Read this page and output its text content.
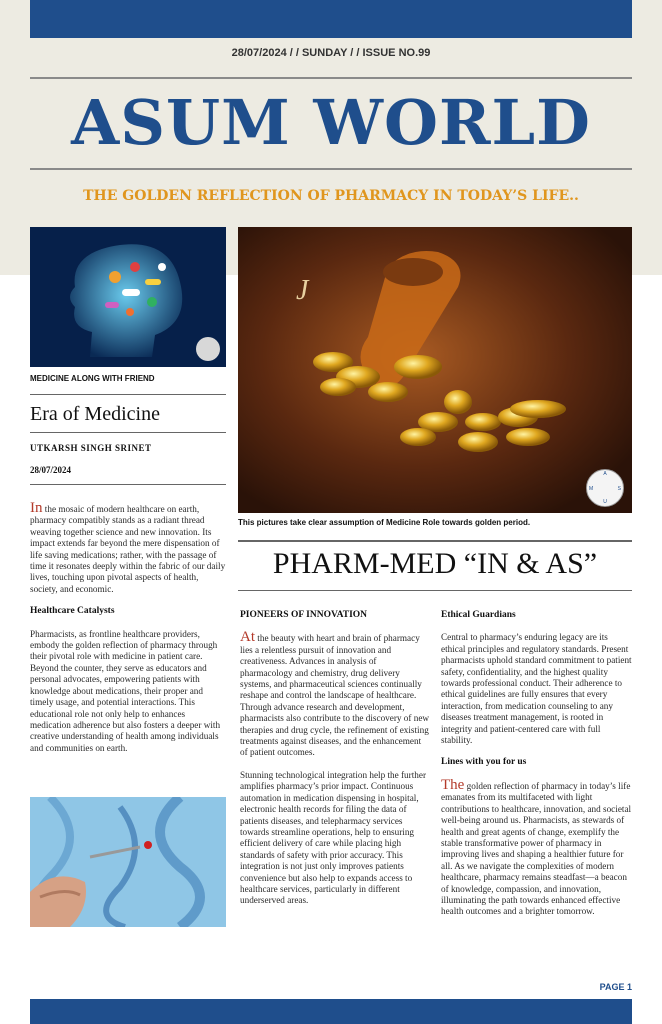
28/07/2024 / / SUNDAY / / ISSUE NO.99
ASUM WORLD
THE GOLDEN REFLECTION OF PHARMACY IN TODAY’S LIFE..
MEDICINE ALONG WITH FRIEND
Era of Medicine
UTKARSH SINGH SRINET
28/07/2024

In the mosaic of modern healthcare on earth, pharmacy compatibly stands as a radiant thread weaving together science and new innovation. Its impact extends far beyond the mere dispensation of life saving medications; rather, with the passage of time it resonates deeply within the fabric of our daily lives, touching upon pivotal aspects of health, society, and economic.

Healthcare Catalysts

Pharmacists, as frontline healthcare providers, embody the golden reflection of pharmacy through their pivotal role with medicine in patient care. Beyond the counter, they serve as educators and personal advocates, empowering patients with knowledge about medications, their proper and timely usage, and potential interactions. This educational role not only help to enhances medication adherence but also fosters a deeper with creative understanding of health among individuals and communities on earth.

J
A
M	S
U
This pictures take clear assumption of Medicine Role towards golden period.
PHARM-MED “IN & AS”

PIONEERS OF INNOVATION

At the beauty with heart and brain of pharmacy lies a relentless pursuit of innovation and creativeness. Advances in analysis of pharmacology and chemistry, drug delivery systems, and pharmaceutical sciences continually reshape and control the landscape of healthcare. Through advance research and development, pharmacists also contribute to the discovery of new therapies and drug cycle, the refinement of existing treatments against diseases, and the enhancement of patient outcomes.

Stunning technological integration help the further amplifies pharmacy’s prior impact. Continuous automation in medication dispensing in hospital, electronic health records for filing the data of patients diseases, and telepharmacy services towards streamline operations, help to ensuring efficient delivery of care while placing high standards of safety with prior accuracy. This integration is not just only improves patients convenience but also help to expands access to healthcare services, particularly in different underserved areas.

Ethical Guardians

Central to pharmacy’s enduring legacy are its ethical principles and regulatory standards. Present pharmacists uphold standard commitment to patient safety, confidentiality, and the highest quality towards professional conduct. Their adherence to ethical guidelines are fully ensures that every interaction, from medication counseling to any diseases treatment management, is rooted in integrity and patient-centered care with full stability.

Lines with you for us

The golden reflection of pharmacy in today’s life emanates from its multifaceted with light contributions to healthcare, innovation, and societal well-being around us. Pharmacists, as stewards of health and great agents of change, exemplify the stable transformative power of pharmacy in improving lives and shaping a healthier future for all. As we navigate the complexities of modern healthcare, pharmacy remains steadfast—a beacon of knowledge, compassion, and innovation, illuminating the path towards enhanced effective health outcomes and a brighter tomorrow.

PAGE 1
